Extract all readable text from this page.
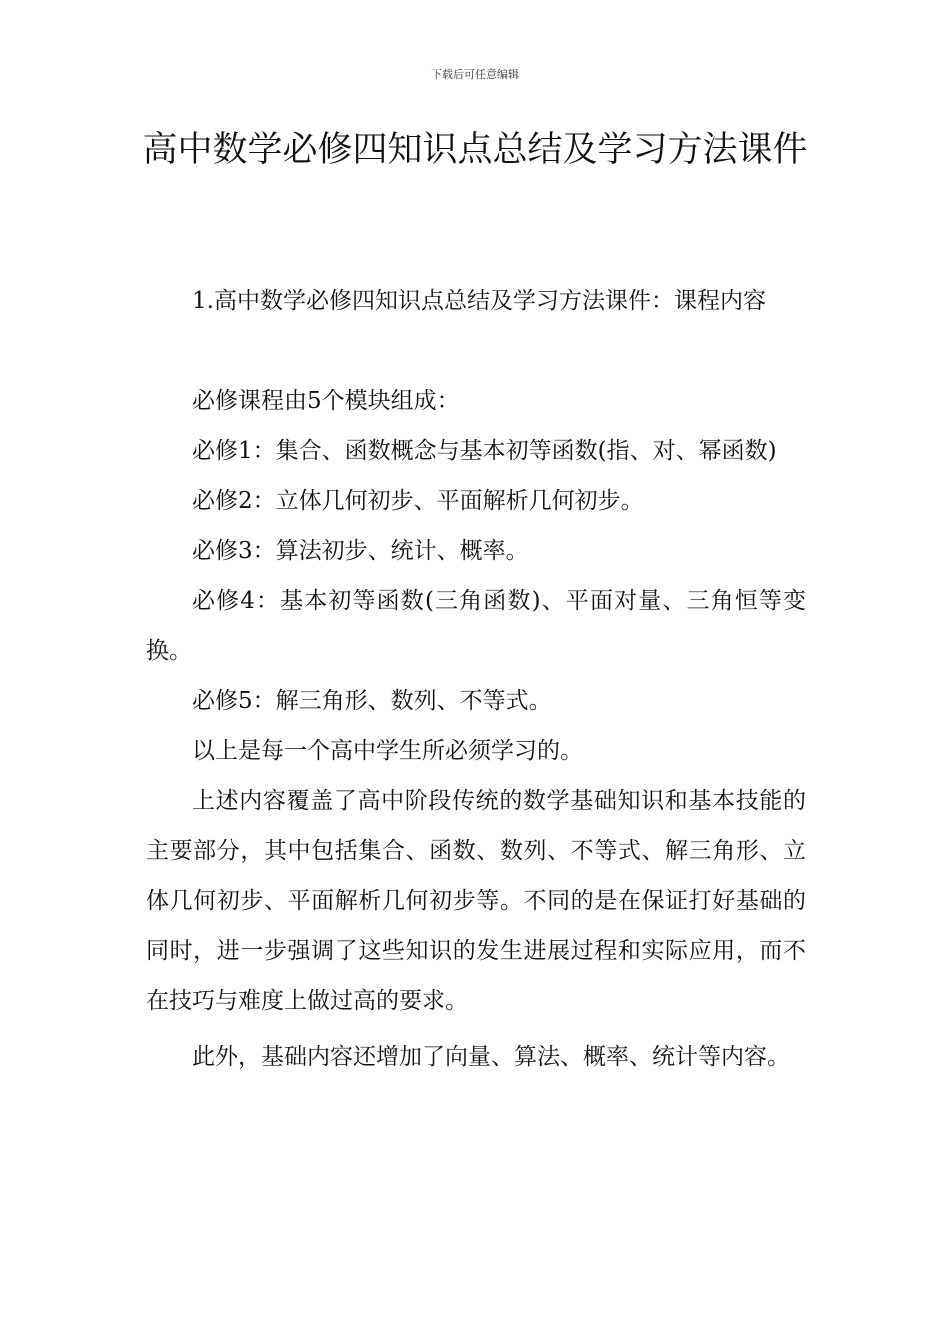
下载后可任意编辑
高中数学必修四知识点总结及学习方法课件

1.高中数学必修四知识点总结及学习方法课件：课程内容

必修课程由5个模块组成：

必修1：集合、函数概念与基本初等函数(指、对、幂函数)

必修2：立体几何初步、平面解析几何初步。

必修3：算法初步、统计、概率。

必修4：基本初等函数(三角函数)、平面对量、三角恒等变换。

必修5：解三角形、数列、不等式。

以上是每一个高中学生所必须学习的。

上述内容覆盖了高中阶段传统的数学基础知识和基本技能的主要部分，其中包括集合、函数、数列、不等式、解三角形、立体几何初步、平面解析几何初步等。不同的是在保证打好基础的同时，进一步强调了这些知识的发生进展过程和实际应用，而不在技巧与难度上做过高的要求。

此外，基础内容还增加了向量、算法、概率、统计等内容。
